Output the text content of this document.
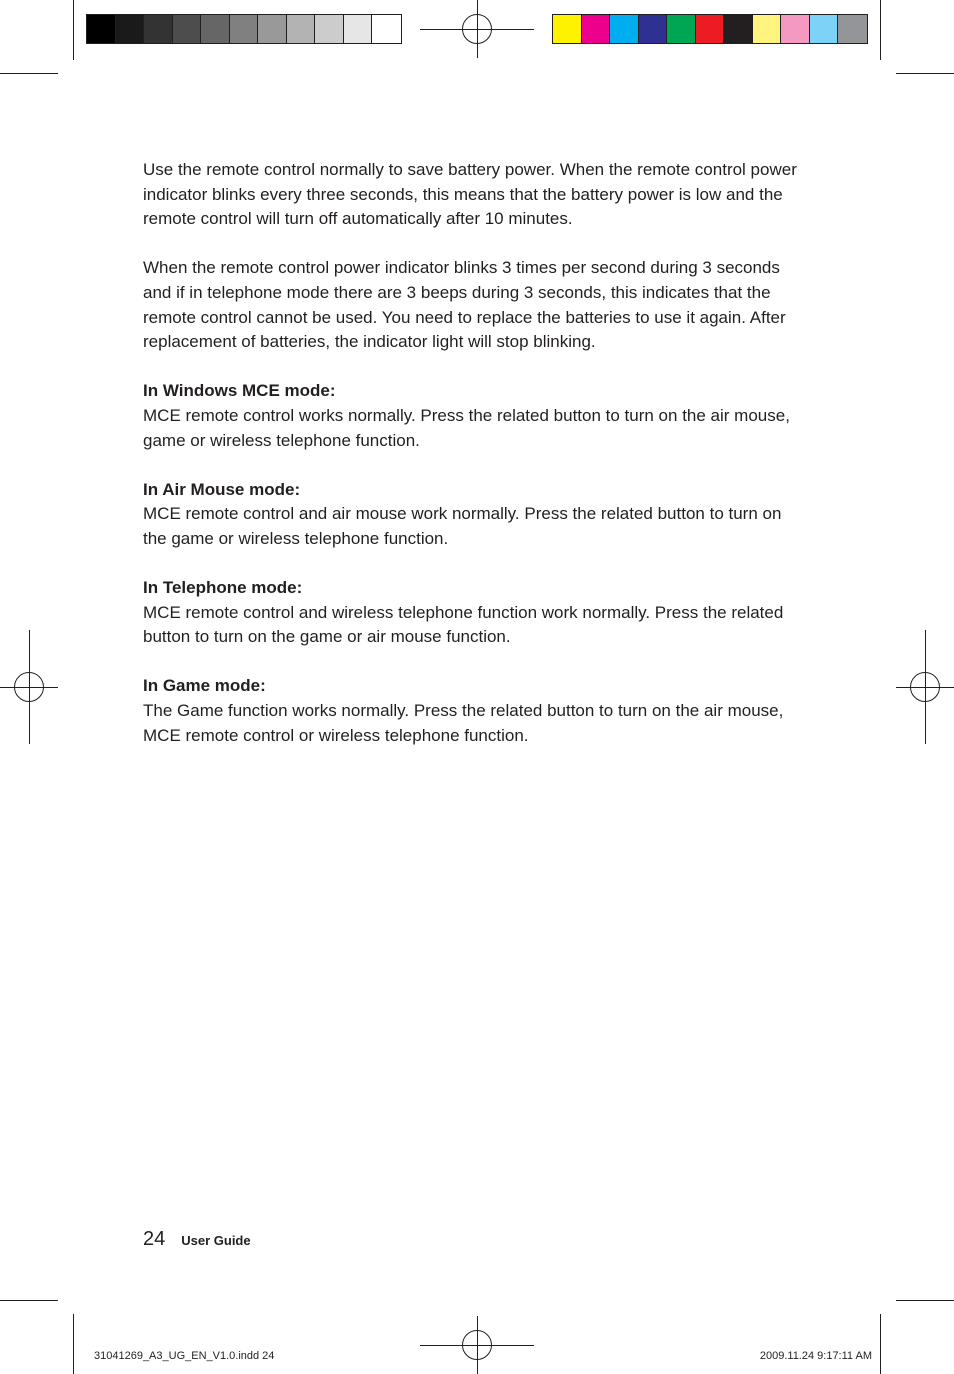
Use the remote control normally to save battery power. When the remote control power indicator blinks every three seconds, this means that the battery power is low and the remote control will turn off automatically after 10 minutes.

When the remote control power indicator blinks 3 times per second during 3 seconds and if in telephone mode there are 3 beeps during 3 seconds, this indicates that the remote control cannot be used. You need to replace the batteries to use it again. After replacement of batteries, the indicator light will stop blinking.

In Windows MCE mode:

MCE remote control works normally. Press the related button to turn on the air mouse, game or wireless telephone function.

In Air Mouse mode:

MCE remote control and air mouse work normally. Press the related button to turn on the game or wireless telephone function.

In Telephone mode:

MCE remote control and wireless telephone function work normally. Press the related button to turn on the game or air mouse function.

In Game mode:

The Game function works normally. Press the related button to turn on the air mouse, MCE remote control or wireless telephone function.

24 User Guide
31041269_A3_UG_EN_V1.0.indd 24	2009.11.24 9:17:11 AM
